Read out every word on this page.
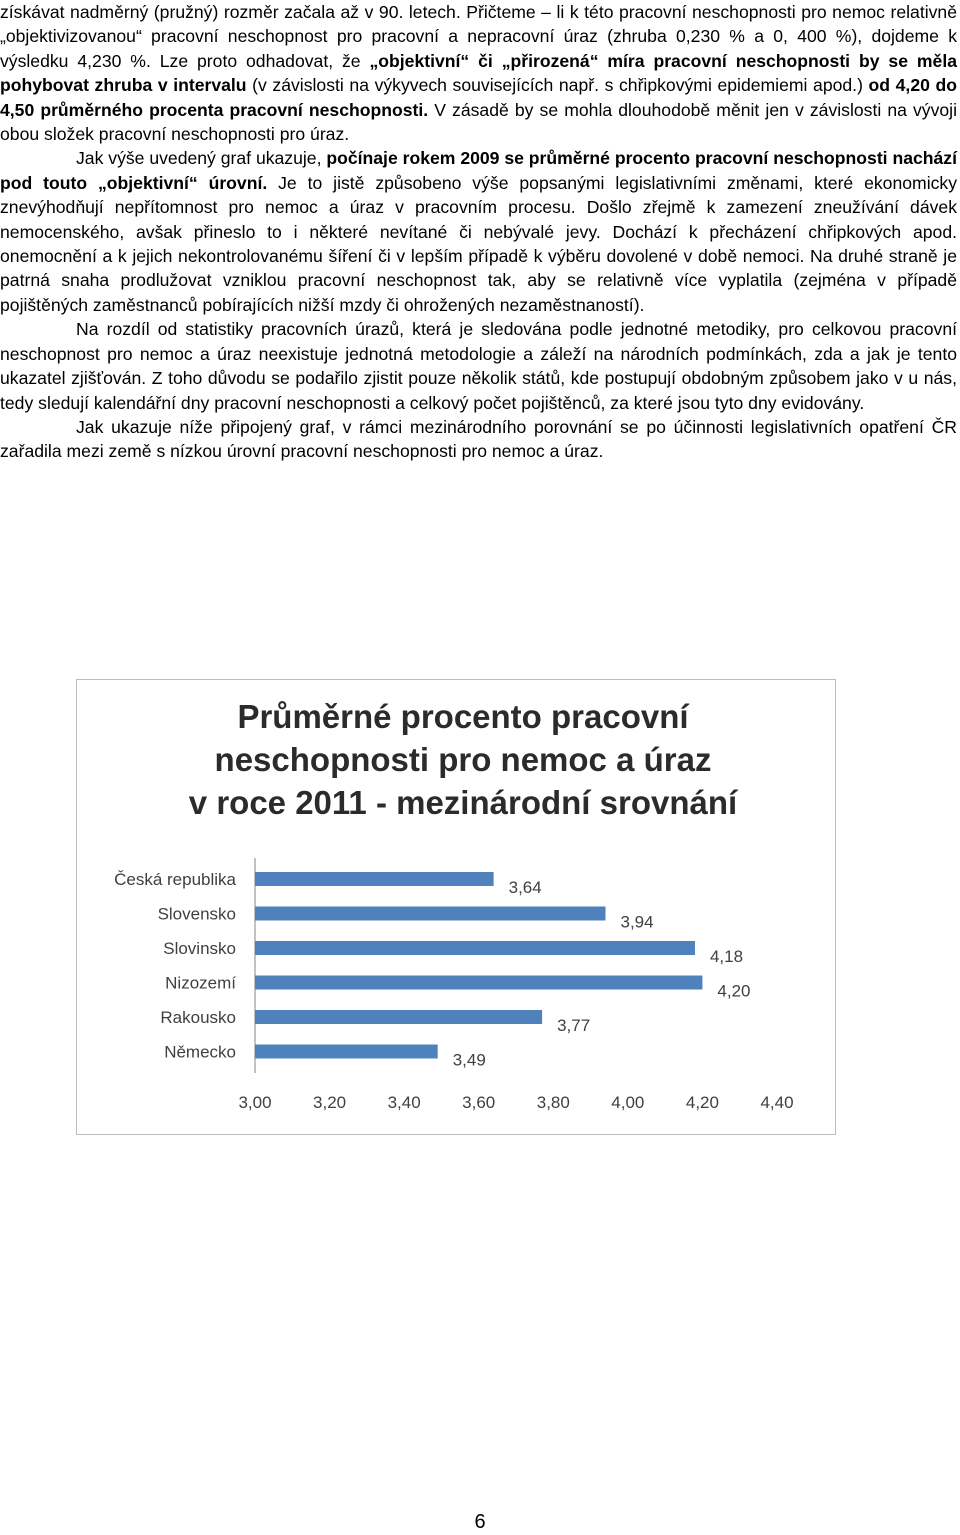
získávat nadměrný (pružný) rozměr začala až v 90. letech. Přičteme – li k této pracovní neschopnosti pro nemoc relativně „objektivizovanou“ pracovní neschopnost pro pracovní a nepracovní úraz (zhruba 0,230 % a 0, 400 %), dojdeme k výsledku 4,230 %. Lze proto odhadovat, že „objektivní“ či „přirozená“ míra pracovní neschopnosti by se měla pohybovat zhruba v intervalu (v závislosti na výkyvech souvisejících např. s chřipkovými epidemiemi apod.) od 4,20 do 4,50 průměrného procenta pracovní neschopnosti. V zásadě by se mohla dlouhodobě měnit jen v závislosti na vývoji obou složek pracovní neschopnosti pro úraz.

Jak výše uvedený graf ukazuje, počínaje rokem 2009 se průměrné procento pracovní neschopnosti nachází pod touto „objektivní“ úrovní. Je to jistě způsobeno výše popsanými legislativními změnami, které ekonomicky znevýhodňují nepřítomnost pro nemoc a úraz v pracovním procesu. Došlo zřejmě k zamezení zneužívání dávek nemocenského, avšak přineslo to i některé nevítané či nebývalé jevy. Dochází k přecházení chřipkových apod. onemocnění a k jejich nekontrolovanému šíření či v lepším případě k výběru dovolené v době nemoci. Na druhé straně je patrná snaha prodlužovat vzniklou pracovní neschopnost tak, aby se relativně více vyplatila (zejména v případě pojištěných zaměstnanců pobírajících nižší mzdy či ohrožených nezaměstnaností).

Na rozdíl od statistiky pracovních úrazů, která je sledována podle jednotné metodiky, pro celkovou pracovní neschopnost pro nemoc a úraz neexistuje jednotná metodologie a záleží na národních podmínkách, zda a jak je tento ukazatel zjišťován. Z toho důvodu se podařilo zjistit pouze několik států, kde postupují obdobným způsobem jako v u nás, tedy sledují kalendářní dny pracovní neschopnosti a celkový počet pojištěnců, za které jsou tyto dny evidovány.

Jak ukazuje níže připojený graf, v rámci mezinárodního porovnání se po účinnosti legislativních opatření ČR zařadila mezi země s nízkou úrovní pracovní neschopnosti pro nemoc a úraz.

Průměrné procento pracovní
neschopnosti pro nemoc a úraz
v roce 2011 - mezinárodní srovnání
Česká republika	3,64
Slovensko	3,94
Slovinsko	4,18
Nizozemí	4,20
Rakousko	3,77
Německo	3,49
3,00 3,20 3,40 3,60 3,80 4,00 4,20 4,40
6
